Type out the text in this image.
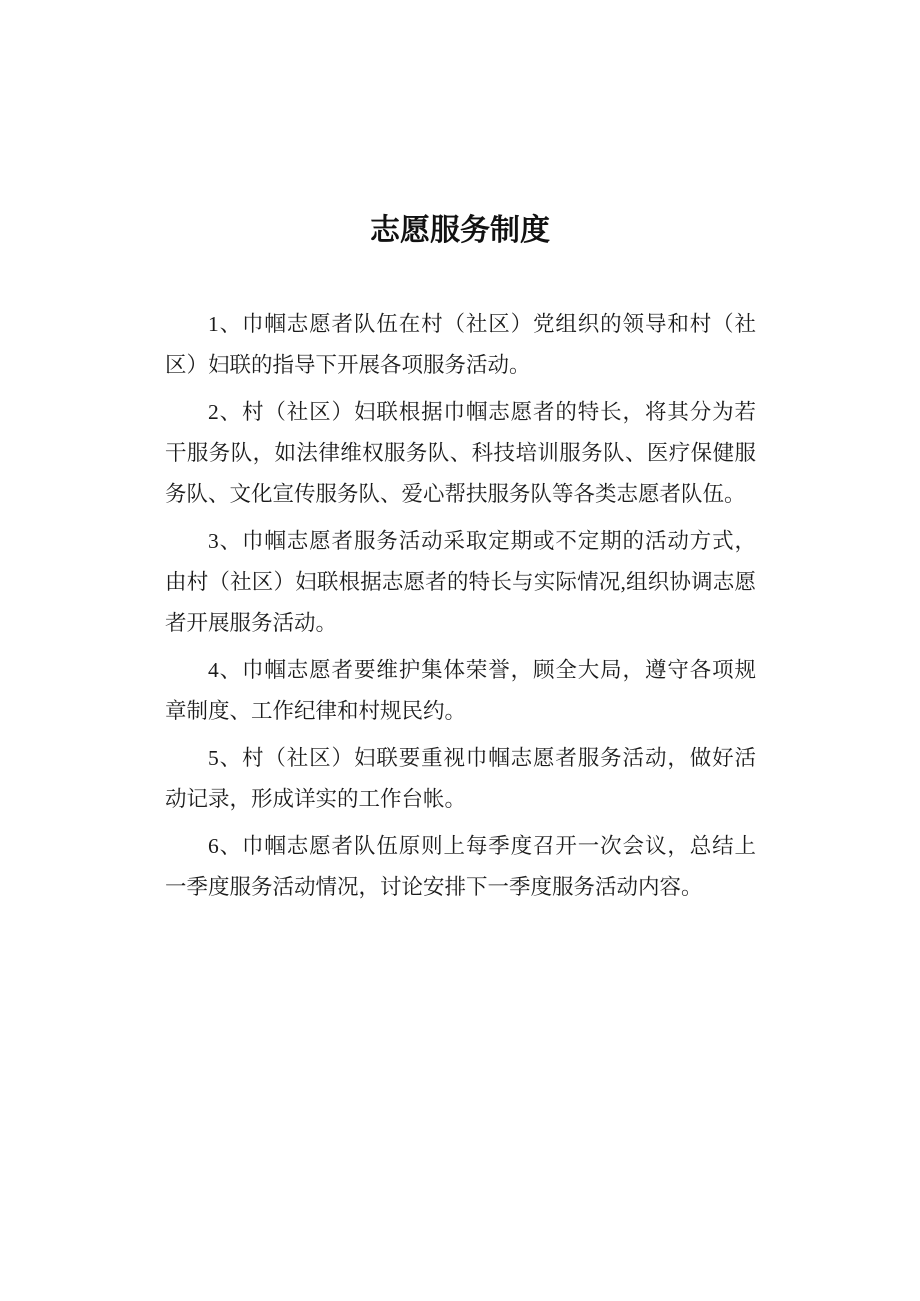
志愿服务制度
1、巾帼志愿者队伍在村（社区）党组织的领导和村（社
区）妇联的指导下开展各项服务活动。
2、村（社区）妇联根据巾帼志愿者的特长，将其分为若
干服务队，如法律维权服务队、科技培训服务队、医疗保健服
务队、文化宣传服务队、爱心帮扶服务队等各类志愿者队伍。
3、巾帼志愿者服务活动采取定期或不定期的活动方式，
由村（社区）妇联根据志愿者的特长与实际情况,组织协调志愿
者开展服务活动。
4、巾帼志愿者要维护集体荣誉，顾全大局，遵守各项规
章制度、工作纪律和村规民约。
5、村（社区）妇联要重视巾帼志愿者服务活动，做好活
动记录，形成详实的工作台帐。
6、巾帼志愿者队伍原则上每季度召开一次会议，总结上
一季度服务活动情况，讨论安排下一季度服务活动内容。
